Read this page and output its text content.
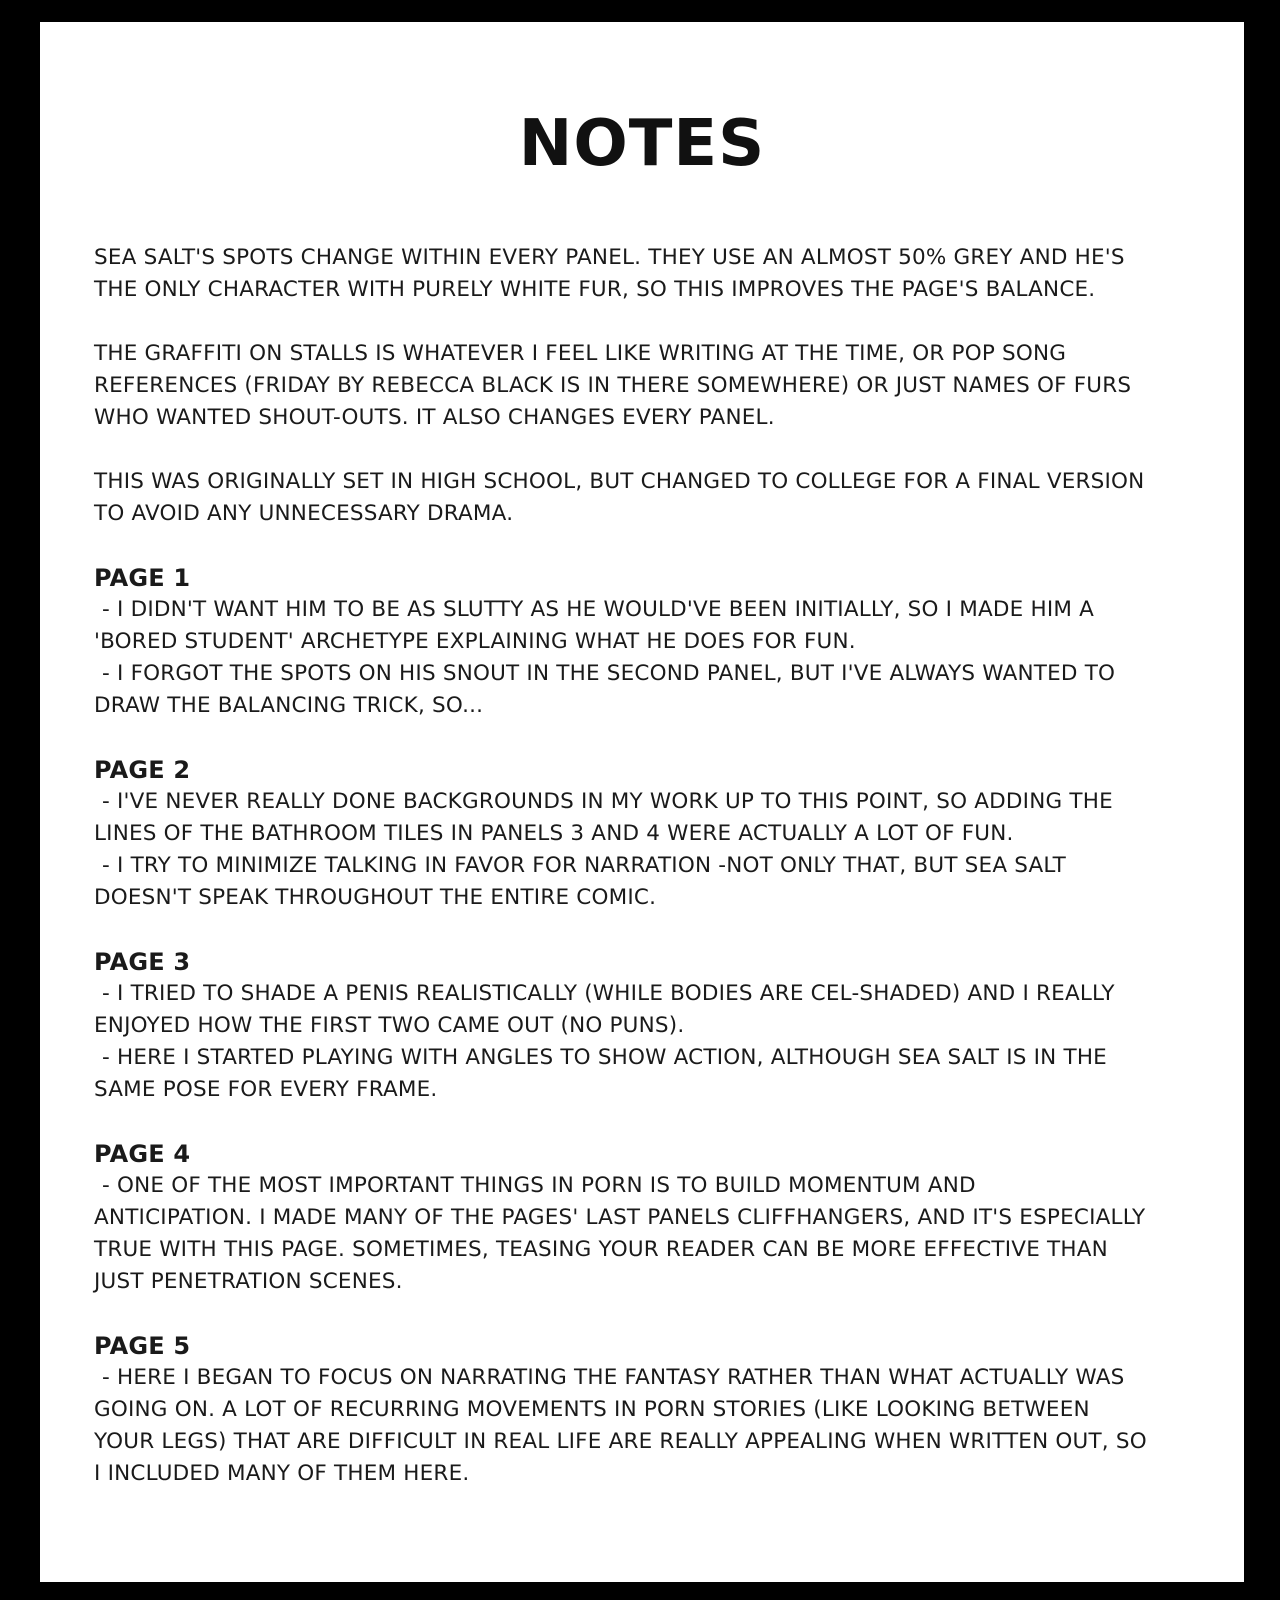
NOTES
SEA SALT'S SPOTS CHANGE WITHIN EVERY PANEL. THEY USE AN ALMOST 50% GREY AND HE'S
THE ONLY CHARACTER WITH PURELY WHITE FUR, SO THIS IMPROVES THE PAGE'S BALANCE.
THE GRAFFITI ON STALLS IS WHATEVER I FEEL LIKE WRITING AT THE TIME, OR POP SONG
REFERENCES (FRIDAY BY REBECCA BLACK IS IN THERE SOMEWHERE) OR JUST NAMES OF FURS
WHO WANTED SHOUT-OUTS. IT ALSO CHANGES EVERY PANEL.
THIS WAS ORIGINALLY SET IN HIGH SCHOOL, BUT CHANGED TO COLLEGE FOR A FINAL VERSION
TO AVOID ANY UNNECESSARY DRAMA.
PAGE 1
- I DIDN'T WANT HIM TO BE AS SLUTTY AS HE WOULD'VE BEEN INITIALLY, SO I MADE HIM A
'BORED STUDENT' ARCHETYPE EXPLAINING WHAT HE DOES FOR FUN.
- I FORGOT THE SPOTS ON HIS SNOUT IN THE SECOND PANEL, BUT I'VE ALWAYS WANTED TO
DRAW THE BALANCING TRICK, SO...
PAGE 2
- I'VE NEVER REALLY DONE BACKGROUNDS IN MY WORK UP TO THIS POINT, SO ADDING THE
LINES OF THE BATHROOM TILES IN PANELS 3 AND 4 WERE ACTUALLY A LOT OF FUN.
- I TRY TO MINIMIZE TALKING IN FAVOR FOR NARRATION -NOT ONLY THAT, BUT SEA SALT
DOESN'T SPEAK THROUGHOUT THE ENTIRE COMIC.
PAGE 3
- I TRIED TO SHADE A PENIS REALISTICALLY (WHILE BODIES ARE CEL-SHADED) AND I REALLY
ENJOYED HOW THE FIRST TWO CAME OUT (NO PUNS).
- HERE I STARTED PLAYING WITH ANGLES TO SHOW ACTION, ALTHOUGH SEA SALT IS IN THE
SAME POSE FOR EVERY FRAME.
PAGE 4
- ONE OF THE MOST IMPORTANT THINGS IN PORN IS TO BUILD MOMENTUM AND
ANTICIPATION. I MADE MANY OF THE PAGES' LAST PANELS CLIFFHANGERS, AND IT'S ESPECIALLY
TRUE WITH THIS PAGE. SOMETIMES, TEASING YOUR READER CAN BE MORE EFFECTIVE THAN
JUST PENETRATION SCENES.
PAGE 5
- HERE I BEGAN TO FOCUS ON NARRATING THE FANTASY RATHER THAN WHAT ACTUALLY WAS
GOING ON. A LOT OF RECURRING MOVEMENTS IN PORN STORIES (LIKE LOOKING BETWEEN
YOUR LEGS) THAT ARE DIFFICULT IN REAL LIFE ARE REALLY APPEALING WHEN WRITTEN OUT, SO
I INCLUDED MANY OF THEM HERE.
